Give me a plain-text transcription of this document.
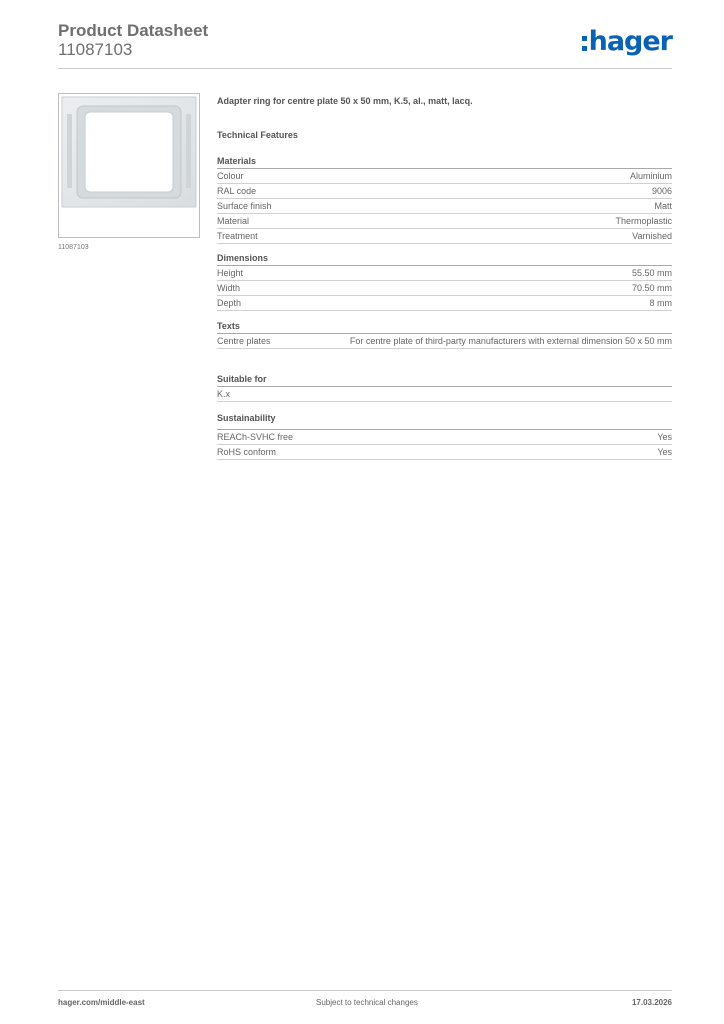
Product Datasheet
11087103	hager
11087103
Adapter ring for centre plate 50 x 50 mm, K.5, al., matt, lacq.
Technical Features
Materials
Colour	Aluminium
RAL code	9006
Surface finish	Matt
Material	Thermoplastic
Treatment	Varnished
Dimensions
Height	55.50 mm
Width	70.50 mm
Depth	8 mm
Texts
Centre plates	For centre plate of third-party manufacturers with external dimension 50 x 50 mm
Suitable for
K.x
Sustainability
REACh-SVHC free	Yes
RoHS conform	Yes
hager.com/middle-east	Subject to technical changes	17.03.2026
